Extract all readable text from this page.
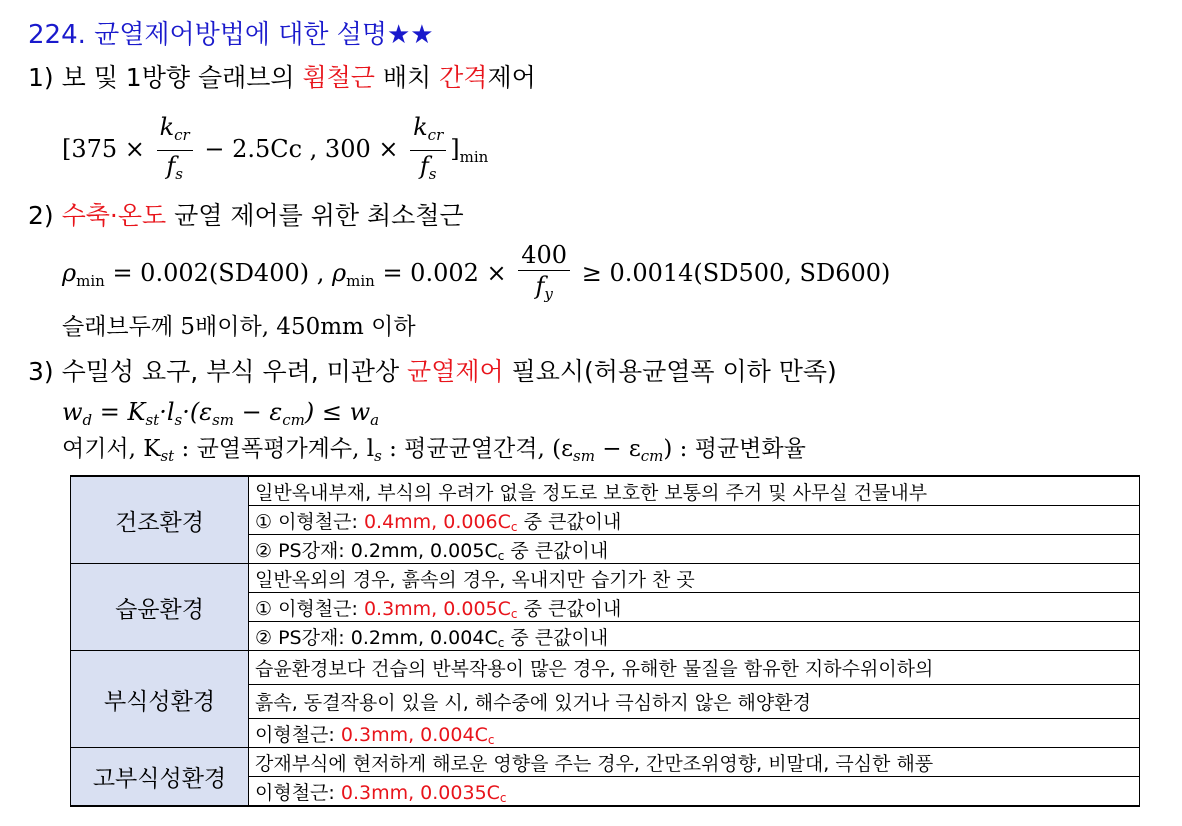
224. 균열제어방법에 대한 설명★★
1) 보 및 1방향 슬래브의 휨철근 배치 간격제어
[$375 \times \frac{k_{cr}}{f_s} - 2.5Cc$ , $300 \times \frac{k_{cr}}{f_s} ]_{min}$
2) 수축·온도 균열 제어를 위한 최소철근
$\rho_{min} = 0.002(SD400)$ , $\rho_{min} = 0.002 \times \frac{400}{f_y} \ge 0.0014(SD500$, SD600)
슬래브두께 5배이하, 450mm 이하
3) 수밀성 요구, 부식 우려, 미관상 균열제어 필요시(허용균열폭 이하 만족)
$w_d = K_{st}\cdot l_s\cdot(\varepsilon_{sm} - \varepsilon_{cm}) \le w_a$
여기서, $K_{st}$ : 균열폭평가계수, $l_s$ : 평균균열간격, $(\varepsilon_{sm} - \varepsilon_{cm})$ : 평균변화율
건조환경	일반옥내부재, 부식의 우려가 없을 정도로 보호한 보통의 주거 및 사무실 건물내부
	① 이형철근: 0.4mm, 0.006Cc 중 큰값이내
	② PS강재: 0.2mm, 0.005Cc 중 큰값이내
습윤환경	일반옥외의 경우, 흙속의 경우, 옥내지만 습기가 찬 곳
	① 이형철근: 0.3mm, 0.005Cc 중 큰값이내
	② PS강재: 0.2mm, 0.004Cc 중 큰값이내
부식성환경	습윤환경보다 건습의 반복작용이 많은 경우, 유해한 물질을 함유한 지하수위이하의
	흙속, 동결작용이 있을 시, 해수중에 있거나 극심하지 않은 해양환경
	이형철근: 0.3mm, 0.004Cc
고부식성환경	강재부식에 현저하게 해로운 영향을 주는 경우, 간만조위영향, 비말대, 극심한 해풍
	이형철근: 0.3mm, 0.0035Cc
